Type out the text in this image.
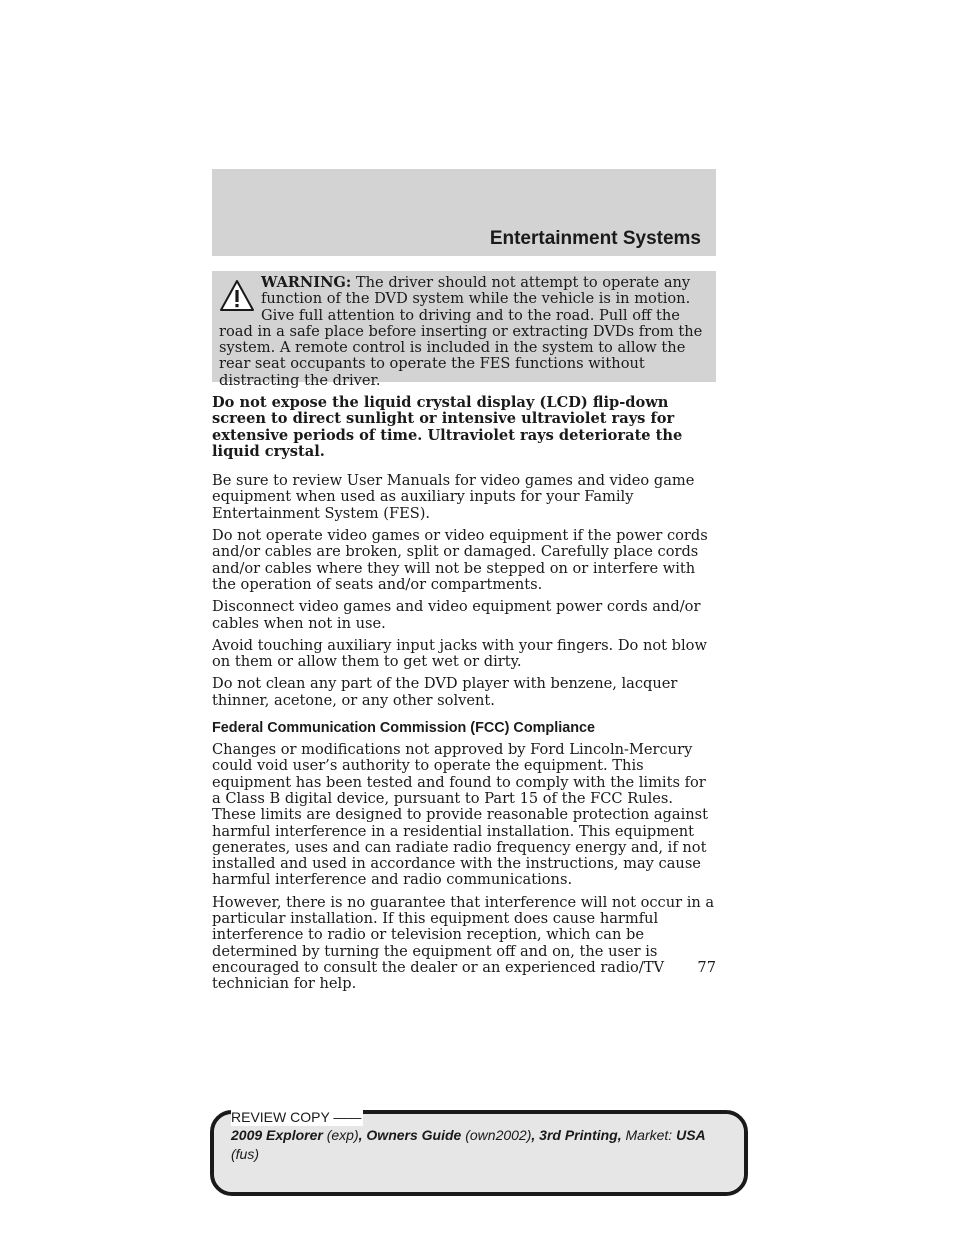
Entertainment Systems
WARNING: The driver should not attempt to operate any function of the DVD system while the vehicle is in motion. Give full attention to driving and to the road. Pull off the road in a safe place before inserting or extracting DVDs from the system. A remote control is included in the system to allow the rear seat occupants to operate the FES functions without distracting the driver.

Do not expose the liquid crystal display (LCD) flip-down screen to direct sunlight or intensive ultraviolet rays for extensive periods of time. Ultraviolet rays deteriorate the liquid crystal.

Be sure to review User Manuals for video games and video game equipment when used as auxiliary inputs for your Family Entertainment System (FES).

Do not operate video games or video equipment if the power cords and/or cables are broken, split or damaged. Carefully place cords and/or cables where they will not be stepped on or interfere with the operation of seats and/or compartments.

Disconnect video games and video equipment power cords and/or cables when not in use.

Avoid touching auxiliary input jacks with your fingers. Do not blow on them or allow them to get wet or dirty.

Do not clean any part of the DVD player with benzene, lacquer thinner, acetone, or any other solvent.

Federal Communication Commission (FCC) Compliance

Changes or modifications not approved by Ford Lincoln-Mercury could void user’s authority to operate the equipment. This equipment has been tested and found to comply with the limits for a Class B digital device, pursuant to Part 15 of the FCC Rules. These limits are designed to provide reasonable protection against harmful interference in a residential installation. This equipment generates, uses and can radiate radio frequency energy and, if not installed and used in accordance with the instructions, may cause harmful interference and radio communications.

However, there is no guarantee that interference will not occur in a particular installation. If this equipment does cause harmful interference to radio or television reception, which can be determined by turning the equipment off and on, the user is encouraged to consult the dealer or an experienced radio/TV technician for help.

77
REVIEW COPY ——
2009 Explorer (exp), Owners Guide (own2002), 3rd Printing, Market: USA
(fus)
